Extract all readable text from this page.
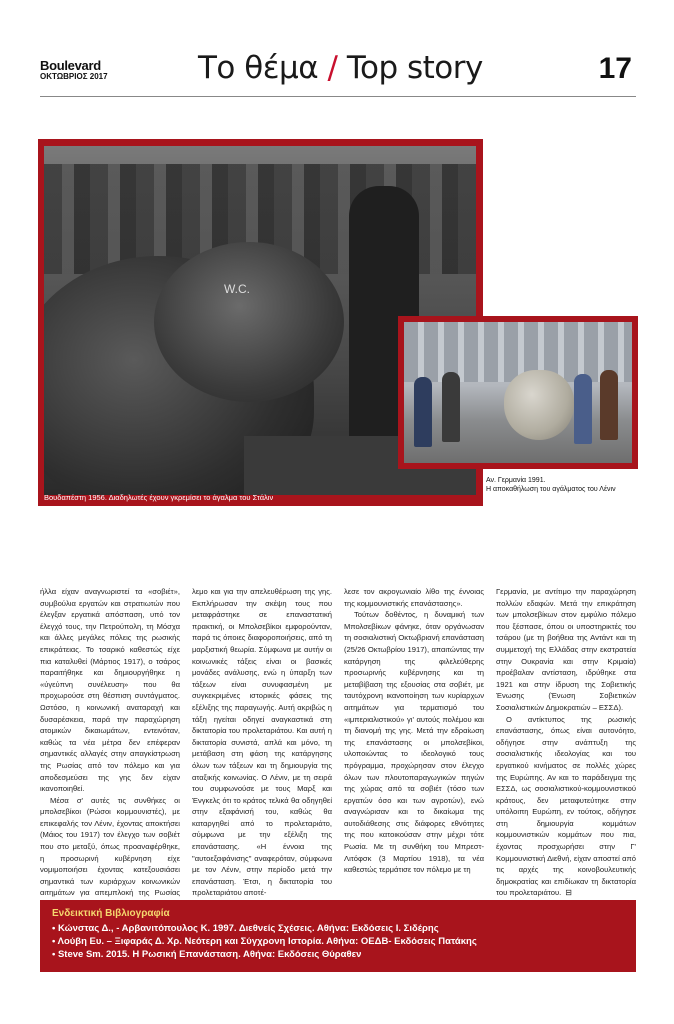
Boulevard
ΟΚΤΩΒΡΙΟΣ 2017	Το θέμα / Top story	17
W.C.
Βουδαπέστη 1956. Διαδηλωτές έχουν γκρεμίσει το άγαλμα του Στάλιν
Αν. Γερμανία 1991.
Η αποκαθήλωση του αγάλματος του Λένιν

ήλλα είχαν αναγνωριστεί τα «σοβιέτ», συμβούλια εργατών και στρατιωτών που έλεγξαν εργατικά απόσπαση, υπό τον έλεγχό τους, την Πετρούπολη, τη Μόσχα και άλλες μεγάλες πόλεις της ρωσικής επικράτειας. Το τσαρικό καθεστώς είχε πια καταλυθεί (Μάρτιος 1917), ο τσάρος παραιτήθηκε και δημιουργήθηκε η «ύγεύπνη συνέλευση» που θα προχωρούσε στη θέσπιση συντάγματος. Ωστόσο, η κοινωνική αναταραχή και δυσαρέσκεια, παρά την παραχώρηση ατομικών δικαιωμάτων, εντεινόταν, καθώς τα νέα μέτρα δεν επέφεραν σημαντικές αλλαγές στην απαγκίστρωση της Ρωσίας από τον πόλεμο και για αποδεσμεύσει της γης δεν είχαν ικανοποιηθεί.

Μέσα σ' αυτές τις συνθήκες οι μπολσεβίκοι (Ρώσοι κομμουνιστές), με επικεφαλής τον Λένιν, έχοντας αποκτήσει (Μάιος του 1917) τον έλεγχο των σοβιέτ που στο μεταξύ, όπως προαναφέρθηκε, η προσωρινή κυβέρνηση είχε νομιμοποιήσει έχοντας κατεξουσιάσει σημαντικά των κυριάρχων κοινωνικών αιτημάτων για απεμπλοκή της Ρωσίας

λεμο και για την απελευθέρωση της γης. Εκπλήρωσαν την σκέψη τους που μεταφράστηκε σε επαναστατική πρακτική, οι Μπολσεβίκοι εμφορούνταν, παρά τις όποιες διαφοροποιήσεις, από τη μαρξιστική θεωρία. Σύμφωνα με αυτήν οι κοινωνικές τάξεις είναι οι βασικές μονάδες ανάλυσης, ενώ η ύπαρξη των τάξεων είναι συνυφασμένη με συγκεκριμένες ιστορικές φάσεις της εξέλιξης της παραγωγής. Αυτή ακριβώς η τάξη ηγείται οδηγεί αναγκαστικά στη δικτατορία του προλεταριάτου. Και αυτή η δικτατορία συνιστά, απλά και μόνο, τη μετάβαση στη φάση της κατάργησης όλων των τάξεων και τη δημιουργία της αταξικής κοινωνίας. Ο Λένιν, με τη σειρά του συμφωνούσε με τους Μαρξ και Ένγκελς ότι το κράτος τελικά θα οδηγηθεί στην εξαφάνισή του, καθώς θα καταργηθεί από το προλεταριάτο, σύμφωνα με την εξέλιξη της επανάστασης. «Η έννοια της "αυτοεξαφάνισης" αναφερόταν, σύμφωνα με τον Λένιν, στην περίοδο μετά την επανάσταση. Έτσι, η δικτατορία του προλεταριάτου αποτέ-

λεσε τον ακρογωνιαίο λίθο της έννοιας της κομμουνιστικής επανάστασης».

Τούτων δοθέντος, η δυναμική των Μπολσεβίκων φάνηκε, όταν οργάνωσαν τη σοσιαλιστική Οκτωβριανή επανάσταση (25/26 Οκτωβρίου 1917), απαιτώντας την κατάργηση της φιλελεύθερης προσωρινής κυβέρνησης και τη μεταβίβαση της εξουσίας στα σοβιέτ, με ταυτόχρονη ικανοποίηση των κυρίαρχων αιτημάτων για τερματισμό του «ιμπεριαλιστικού» γι' αυτούς πολέμου και τη διανομή της γης. Μετά την εδραίωση της επανάστασης οι μπολσεβίκοι, υλοποιώντας το ιδεολογικό τους πρόγραμμα, προχώρησαν στον έλεγχο όλων των πλουτοπαραγωγικών πηγών της χώρας από τα σοβιέτ (τόσο των εργατών όσο και των αγροτών), ενώ αναγνώρισαν και το δικαίωμα της αυτοδιάθεσης στις διάφορες εθνότητες της που κατοικούσαν στην μέχρι τότε Ρωσία. Με τη συνθήκη του Μπρεστ-Λιτόφσκ (3 Μαρτίου 1918), τα νέα καθεστώς τερμάτισε τον πόλεμο με τη

Γερμανία, με αντίτιμο την παραχώρηση πολλών εδαφών. Μετά την επικράτηση των μπολσεβίκων στον εμφύλιο πόλεμο που ξέσπασε, όπου οι υποστηρικτές του τσάρου (με τη βοήθεια της Αντάντ και τη συμμετοχή της Ελλάδας στην εκστρατεία στην Ουκρανία και στην Κριμαία) προέβαλαν αντίσταση, ιδρύθηκε στα 1921 και στην ίδρυση της Σοβιετικής Ένωσης (Ένωση Σοβιετικών Σοσιαλιστικών Δημοκρατιών – ΕΣΣΔ).

Ο αντίκτυπος της ρωσικής επανάστασης, όπως είναι αυτονόητο, οδήγησε στην ανάπτυξη της σοσιαλιστικής ιδεολογίας και του εργατικού κινήματος σε πολλές χώρες της Ευρώπης. Αν και το παράδειγμα της ΕΣΣΔ, ως σοσιαλιστικού-κομμουνιστικού κράτους, δεν μεταφυτεύτηκε στην υπόλοιπη Ευρώπη, εν τούτοις, οδήγησε στη δημιουργία κομμάτων κομμουνιστικών κομμάτων που πια, έχοντας προσχωρήσει στην Γ' Κομμουνιστική Διεθνή, είχαν αποστεί από τις αρχές της κοινοβουλευτικής δημοκρατίας και επιδίωκαν τη δικτατορία του προλεταριάτου. ⊟

Ενδεικτική Βιβλιογραφία
• Κώνστας Δ., - Αρβανιτόπουλος Κ. 1997. Διεθνείς Σχέσεις. Αθήνα: Εκδόσεις Ι. Σιδέρης
• Λούβη Ευ. – Ξιφαράς Δ. Χρ. Νεότερη και Σύγχρονη Ιστορία. Αθήνα: ΟΕΔΒ- Εκδόσεις Πατάκης
• Steve Sm. 2015. Η Ρωσική Επανάσταση. Αθήνα: Εκδόσεις Θύραθεν
